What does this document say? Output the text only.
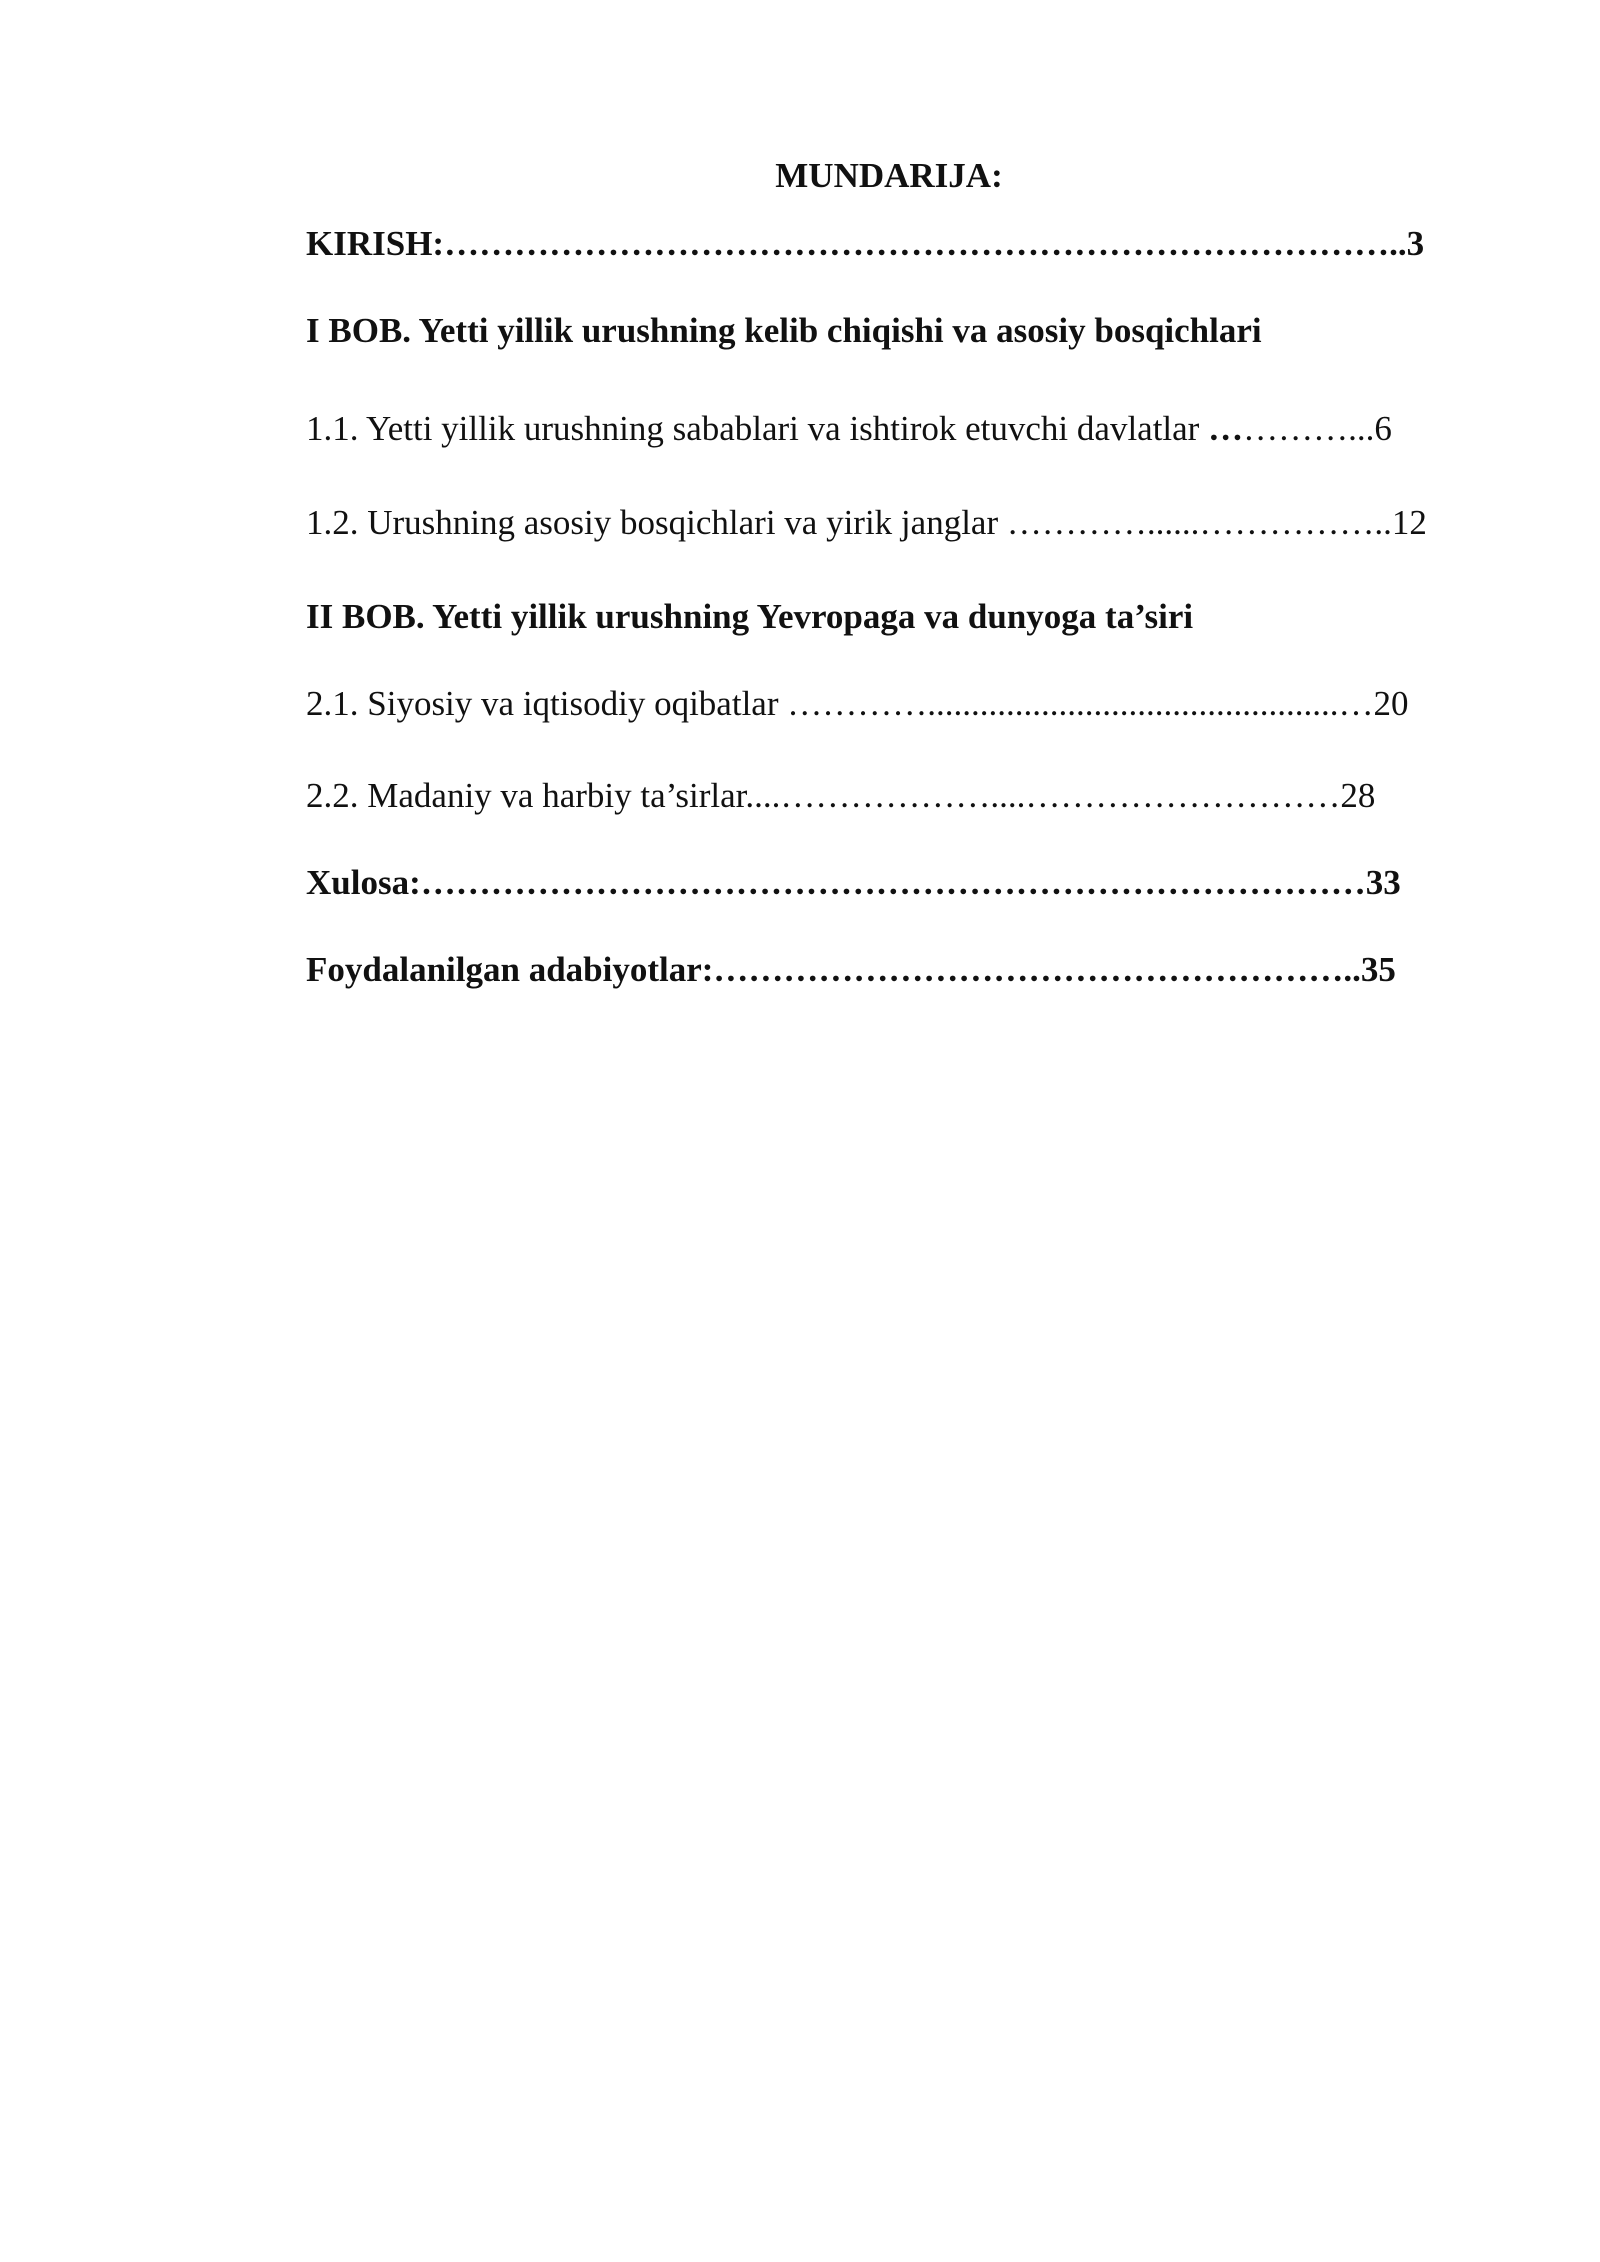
MUNDARIJA:

KIRISH:………………………………………………………………………..3

I BOB. Yetti yillik urushning kelib chiqishi va asosiy bosqichlari

1.1. Yetti yillik urushning sabablari va ishtirok etuvchi davlatlar …………...6

1.2. Urushning asosiy bosqichlari va yirik janglar …………......……………..12

II BOB. Yetti yillik urushning Yevropaga va dunyoga ta’siri

2.1. Siyosiy va iqtisodiy oqibatlar …………...............................................…20

2.2. Madaniy va harbiy ta’sirlar....………………....………………………28

Xulosa:………………………………………………………………………33

Foydalanilgan adabiyotlar:………………………………………………..35
